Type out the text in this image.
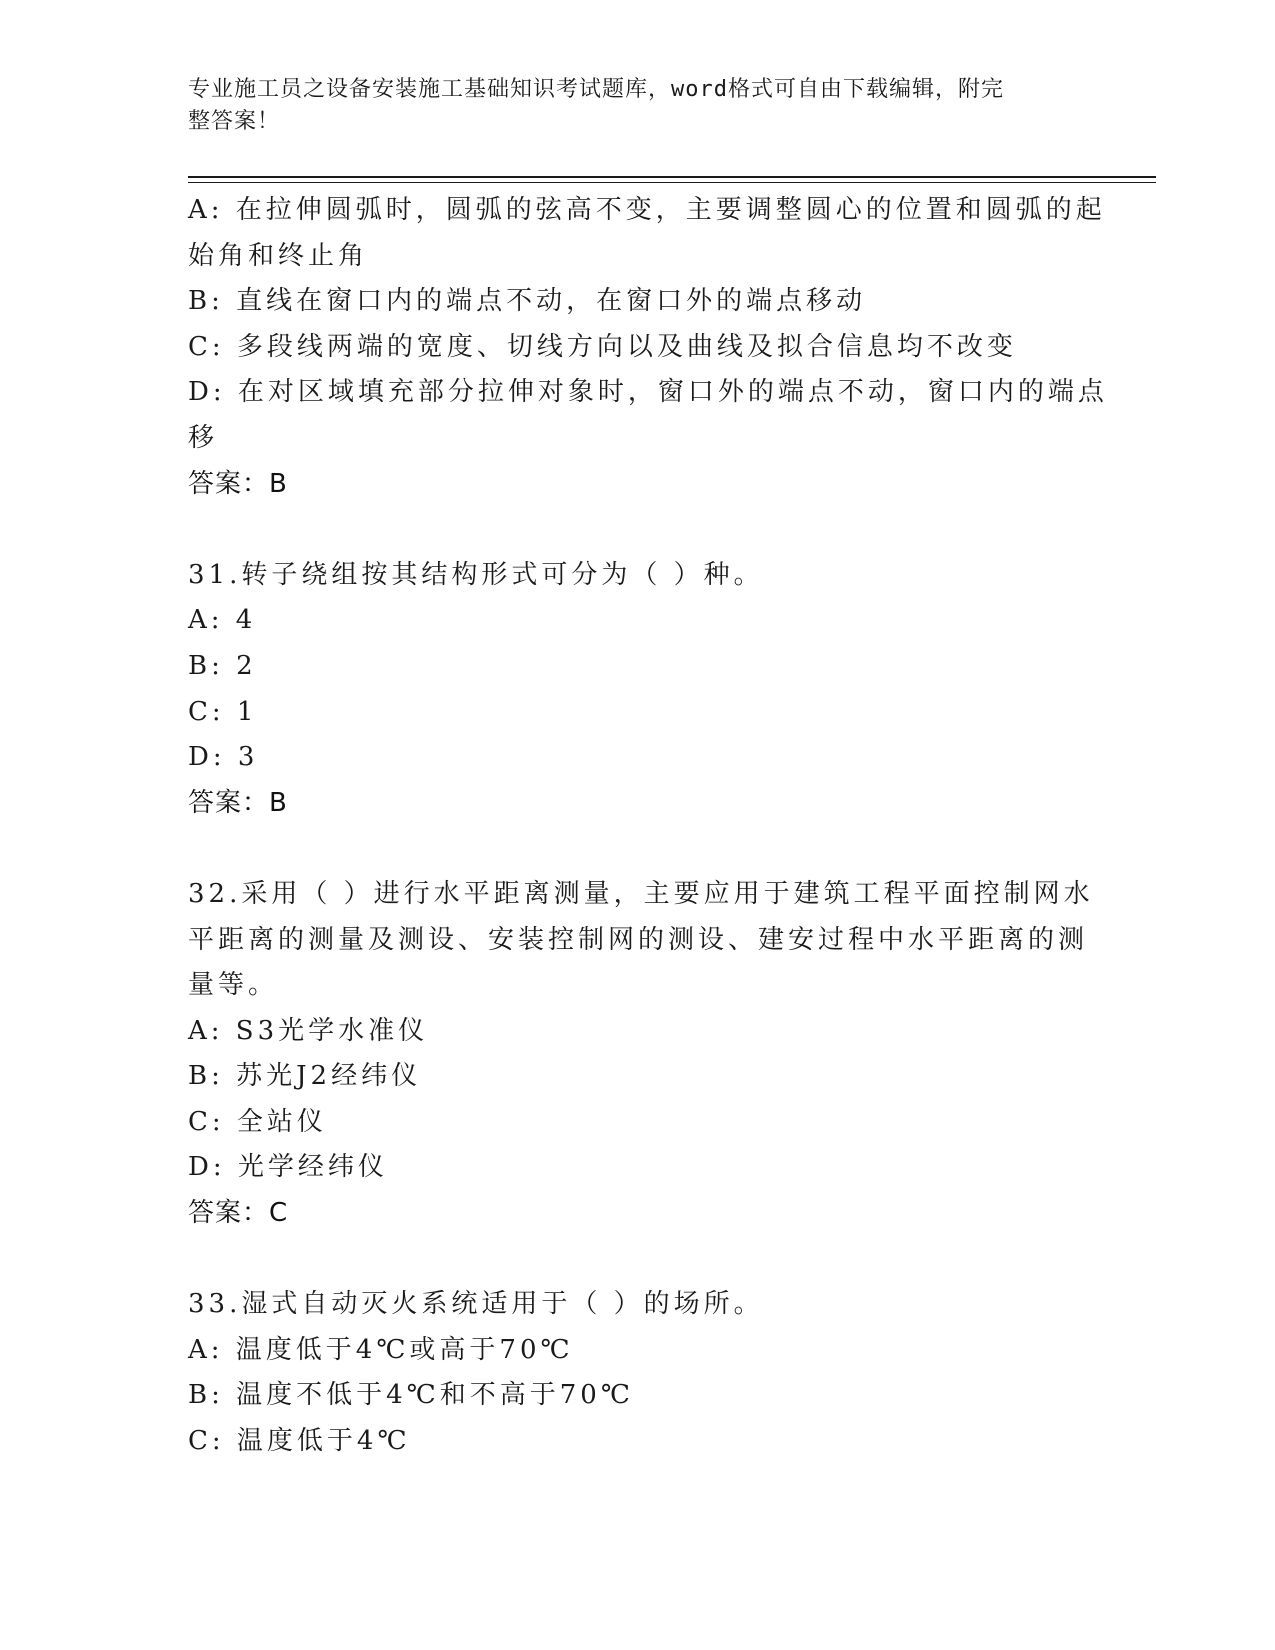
专业施工员之设备安装施工基础知识考试题库，word格式可自由下载编辑，附完
整答案！
A: 在拉伸圆弧时，圆弧的弦高不变，主要调整圆心的位置和圆弧的起
始角和终止角
B: 直线在窗口内的端点不动，在窗口外的端点移动
C: 多段线两端的宽度、切线方向以及曲线及拟合信息均不改变
D: 在对区域填充部分拉伸对象时，窗口外的端点不动，窗口内的端点
移
答案：B
31.转子绕组按其结构形式可分为（ ）种。
A: 4
B: 2
C: 1
D: 3
答案：B
32.采用（ ）进行水平距离测量，主要应用于建筑工程平面控制网水
平距离的测量及测设、安装控制网的测设、建安过程中水平距离的测
量等。
A: S3光学水准仪
B: 苏光J2经纬仪
C: 全站仪
D: 光学经纬仪
答案：C
33.湿式自动灭火系统适用于（ ）的场所。
A: 温度低于4℃或高于70℃
B: 温度不低于4℃和不高于70℃
C: 温度低于4℃
